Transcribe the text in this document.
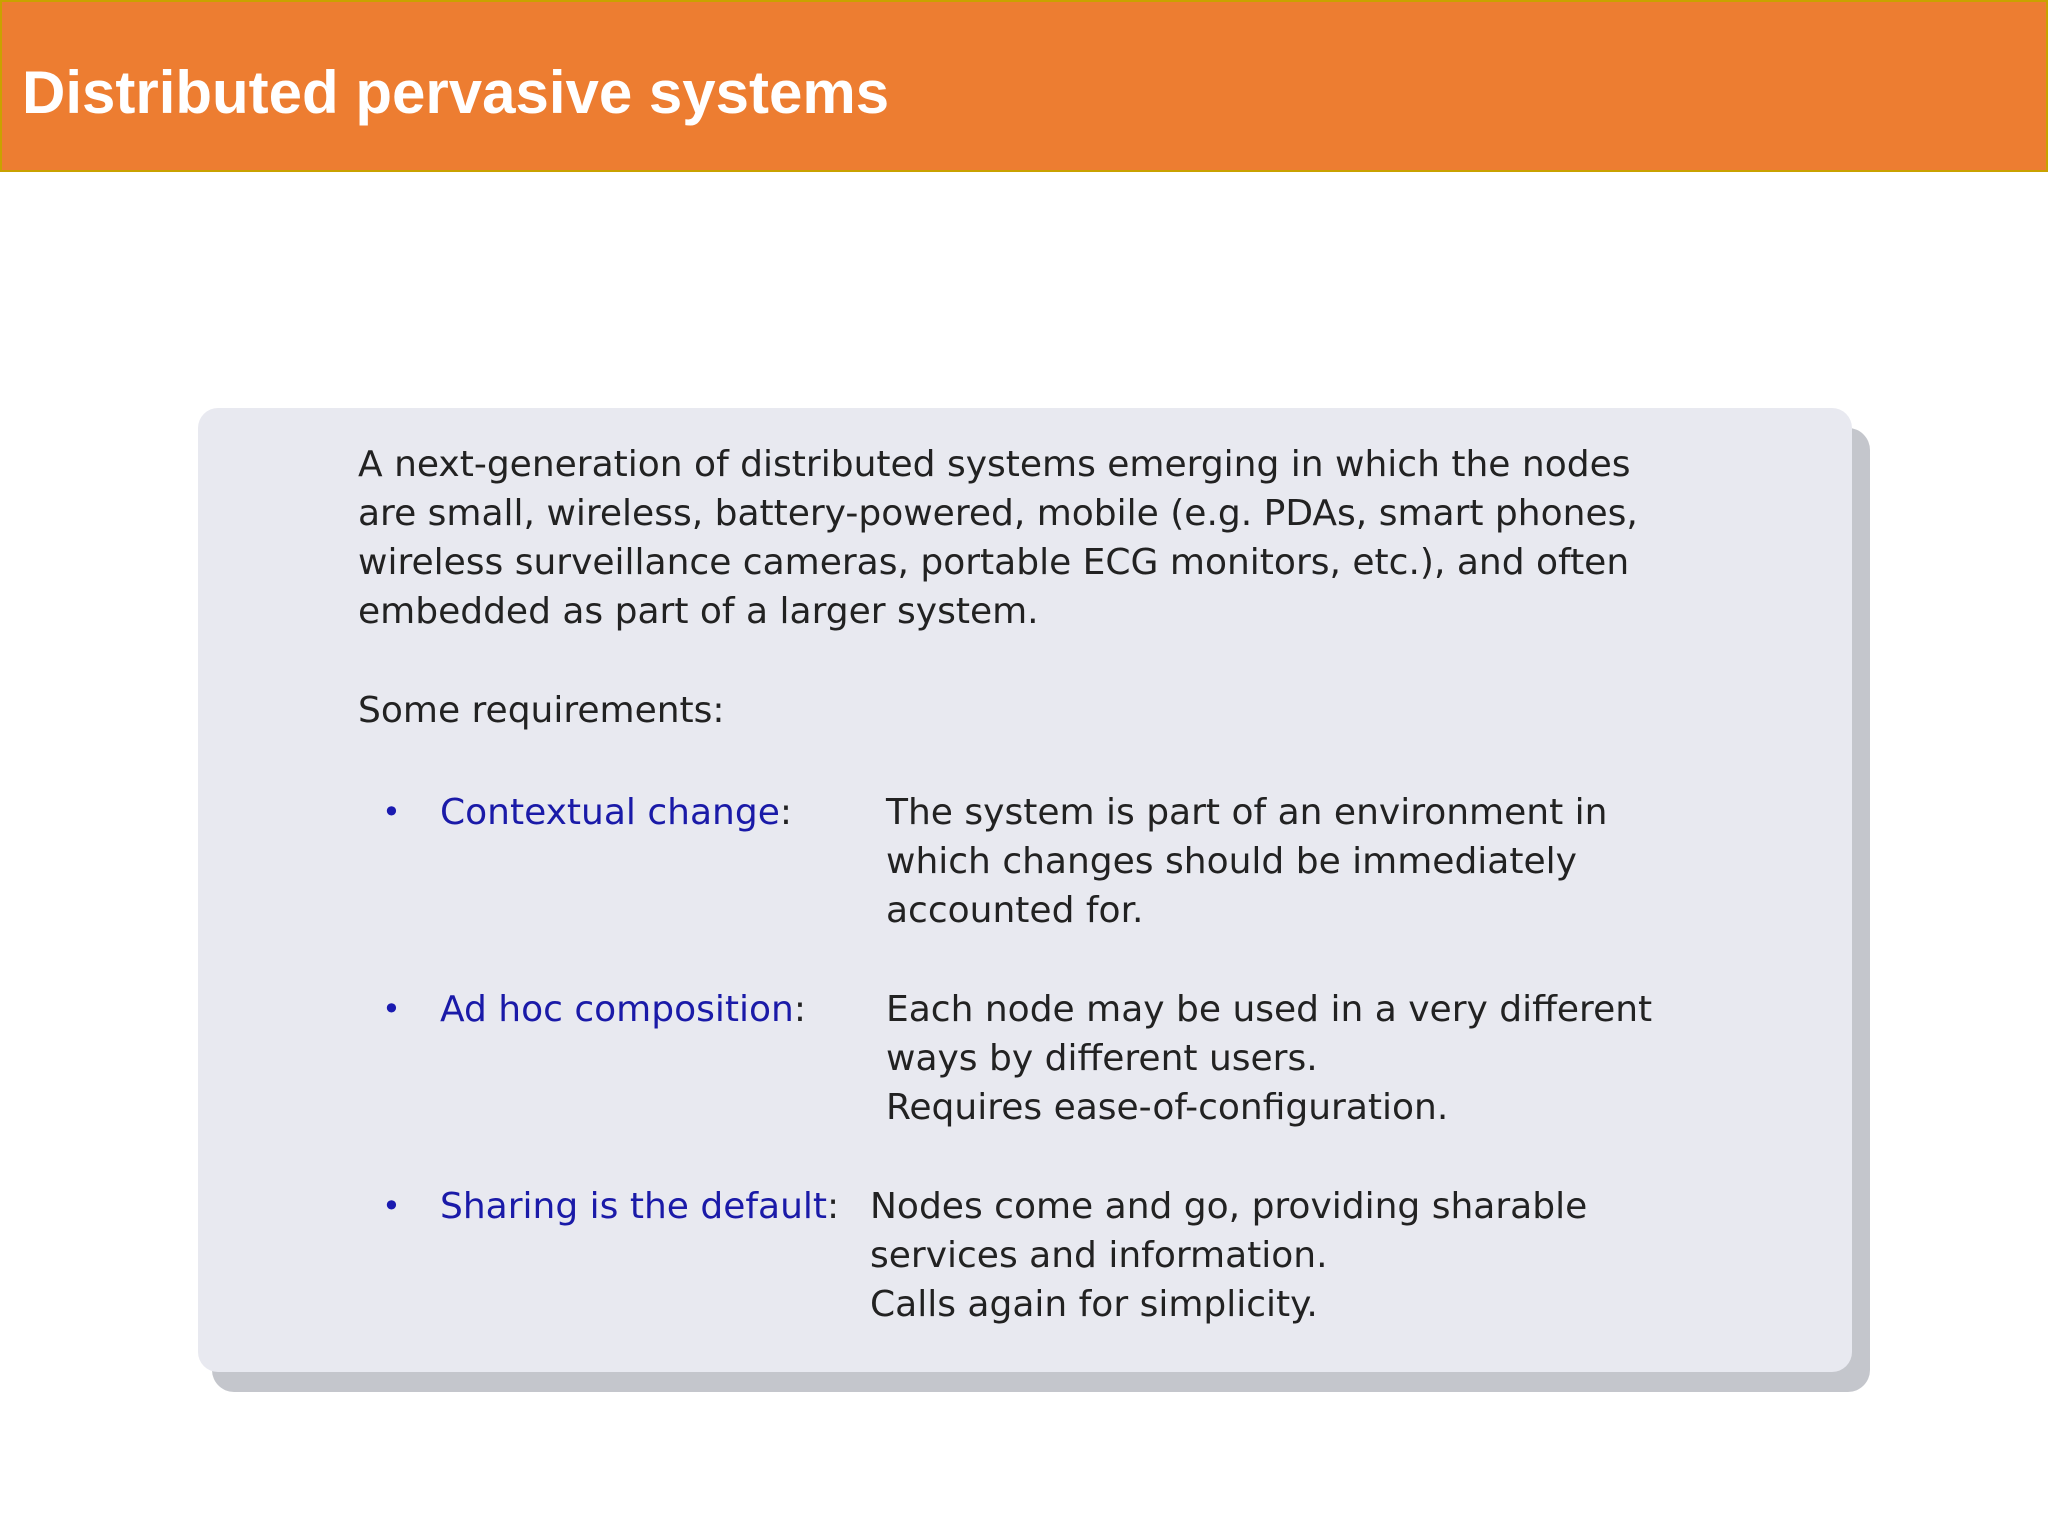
Distributed pervasive systems

A next-generation of distributed systems emerging in which the nodes
are small, wireless, battery-powered, mobile (e.g. PDAs, smart phones,
wireless surveillance cameras, portable ECG monitors, etc.), and often
embedded as part of a larger system.

Some requirements:

• Contextual change:	The system is part of an environment in
which changes should be immediately
accounted for.

• Ad hoc composition: Each node may be used in a very different
ways by different users.
Requires ease-of-configuration.

• Sharing is the default: Nodes come and go, providing sharable
services and information.
Calls again for simplicity.
